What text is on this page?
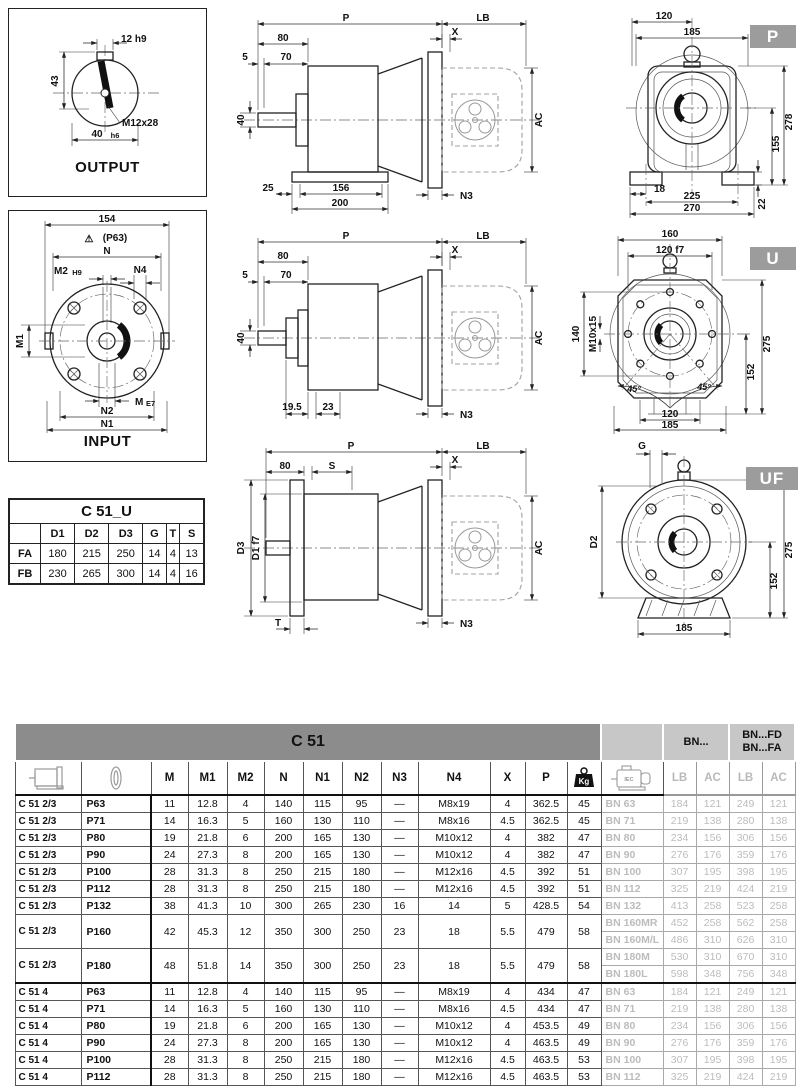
12 h9
43
M12x28
40 h6
OUTPUT
154
⚠ (P63)
N
M2 H9	N4
M1
M E7
N2
N1
INPUT
C 51_U						
	D1	D2	D3	G	T	S
FA	180	215	250	14	4	13
FB	230	265	300	14	4	16
P	LB
X
80
5	70
40	AC
25	156
200
N3
P	LB
X
80
5	70
40	AC
19.5 23
N3
P	LB
X
80	S
D3 D1 f7	AC
T	N3
120
185
278
155
22
18
225
270
160
120 f7
140 M10x15	275
152
45°	45°
120
185
G
D2	275
152
185
P
U
UF
C 51														BN...		BN...FD
BN...FA	
		M	M1	M2	N	N1	N2	N3	N4	X	P	Kg	IEC	LB	AC	LB	AC
C 51 2/3	P63	11	12.8	4	140	115	95	—	M8x19	4	362.5	45	BN 63	184	121	249	121
C 51 2/3	P71	14	16.3	5	160	130	110	—	M8x16	4.5	362.5	45	BN 71	219	138	280	138
C 51 2/3	P80	19	21.8	6	200	165	130	—	M10x12	4	382	47	BN 80	234	156	306	156
C 51 2/3	P90	24	27.3	8	200	165	130	—	M10x12	4	382	47	BN 90	276	176	359	176
C 51 2/3	P100	28	31.3	8	250	215	180	—	M12x16	4.5	392	51	BN 100	307	195	398	195
C 51 2/3	P112	28	31.3	8	250	215	180	—	M12x16	4.5	392	51	BN 112	325	219	424	219
C 51 2/3	P132	38	41.3	10	300	265	230	16	14	5	428.5	54	BN 132	413	258	523	258
C 51 2/3	P160	42	45.3	12	350	300	250	23	18	5.5	479	58	BN 160MR	452	258	562	258
													BN 160M/L	486	310	626	310
C 51 2/3	P180	48	51.8	14	350	300	250	23	18	5.5	479	58	BN 180M	530	310	670	310
													BN 180L	598	348	756	348
C 51 4	P63	11	12.8	4	140	115	95	—	M8x19	4	434	47	BN 63	184	121	249	121
C 51 4	P71	14	16.3	5	160	130	110	—	M8x16	4.5	434	47	BN 71	219	138	280	138
C 51 4	P80	19	21.8	6	200	165	130	—	M10x12	4	453.5	49	BN 80	234	156	306	156
C 51 4	P90	24	27.3	8	200	165	130	—	M10x12	4	463.5	49	BN 90	276	176	359	176
C 51 4	P100	28	31.3	8	250	215	180	—	M12x16	4.5	463.5	53	BN 100	307	195	398	195
C 51 4	P112	28	31.3	8	250	215	180	—	M12x16	4.5	463.5	53	BN 112	325	219	424	219
